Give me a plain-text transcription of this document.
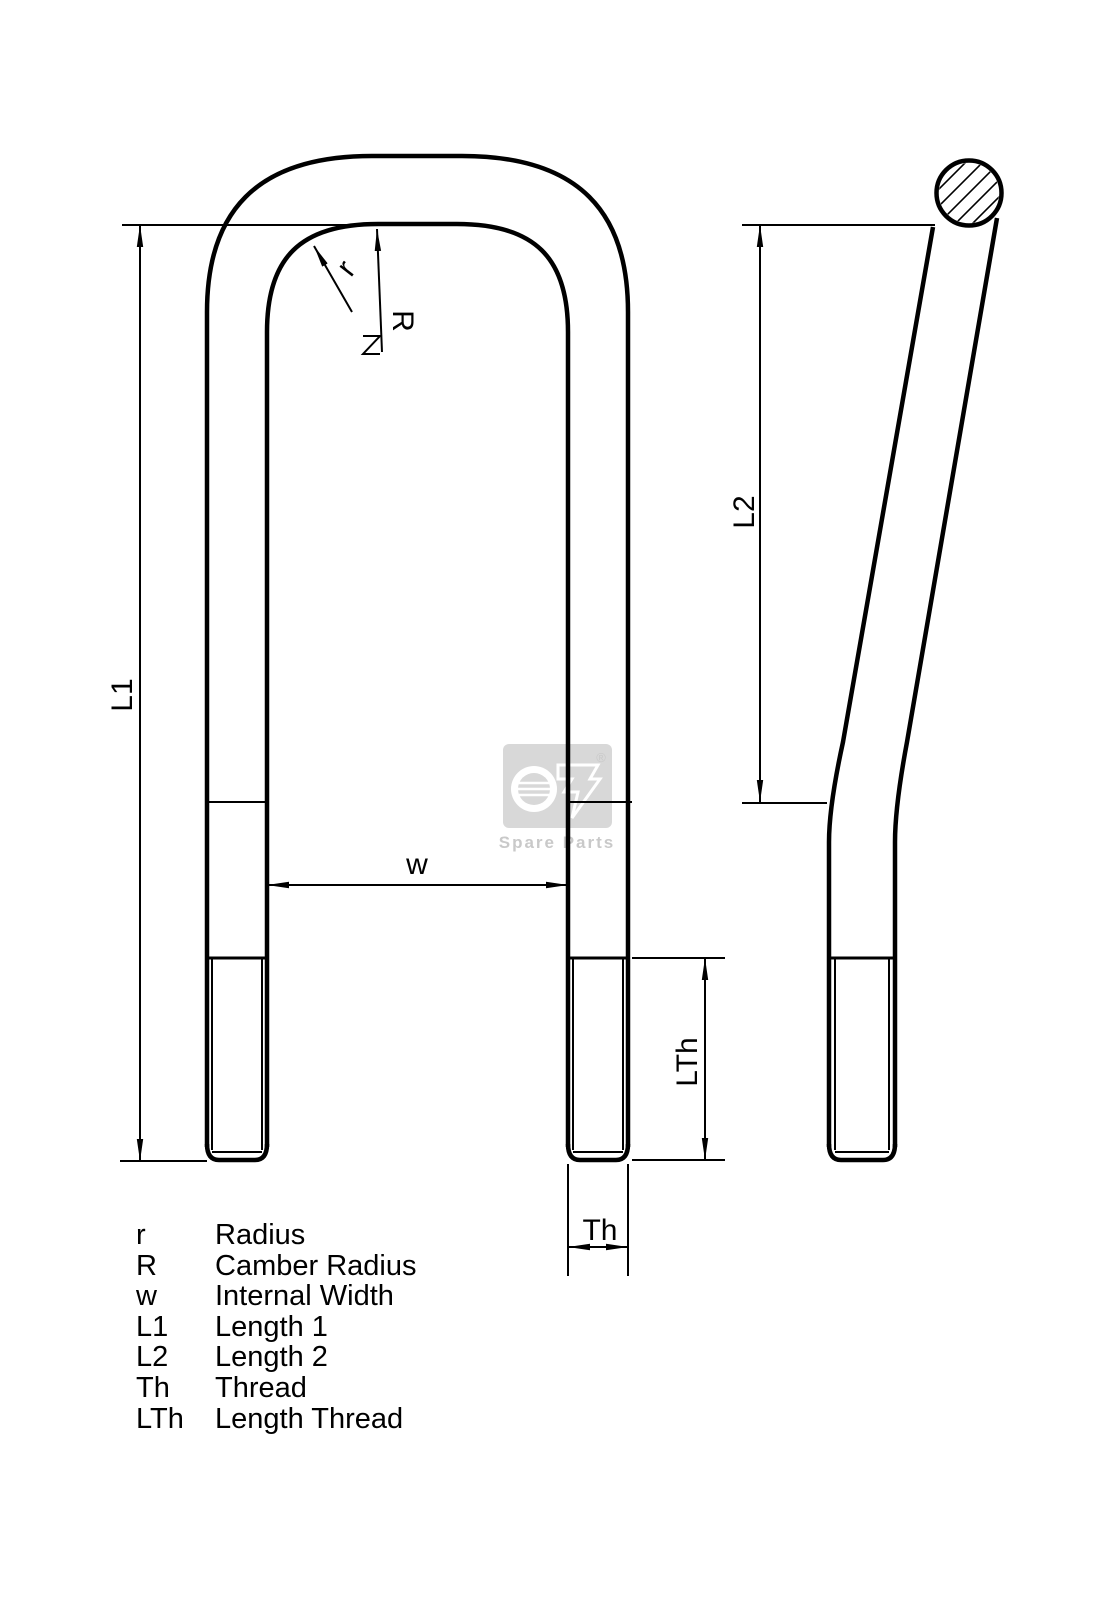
®
Spare Parts
L1
L2
LTh
w
Th
r
R
r Radius
R Camber Radius
w Internal Width
L1 Length 1
L2 Length 2
Th Thread
LTh Length Thread
